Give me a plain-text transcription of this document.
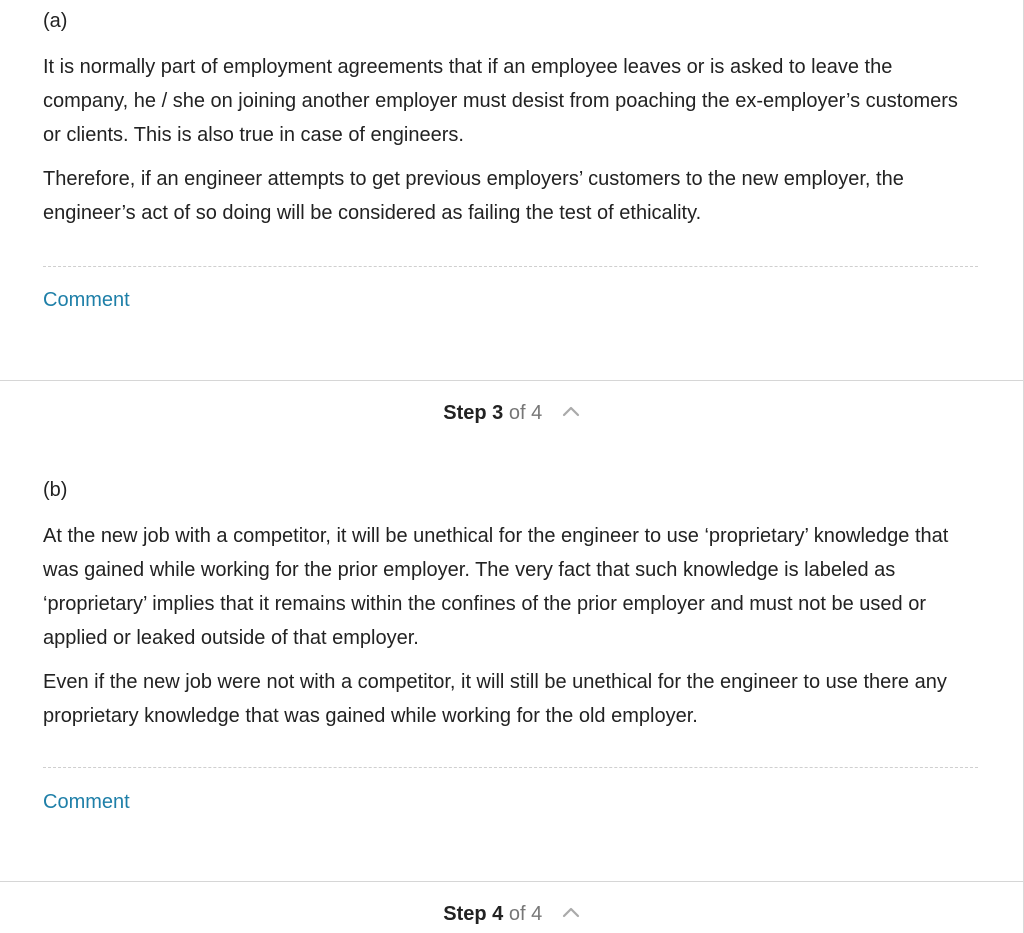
(a)

It is normally part of employment agreements that if an employee leaves or is asked to leave the company, he / she on joining another employer must desist from poaching the ex-employer’s customers or clients. This is also true in case of engineers.

Therefore, if an engineer attempts to get previous employers’ customers to the new employer, the engineer’s act of so doing will be considered as failing the test of ethicality.

Comment
Step 3 of 4
(b)

At the new job with a competitor, it will be unethical for the engineer to use ‘proprietary’ knowledge that was gained while working for the prior employer. The very fact that such knowledge is labeled as ‘proprietary’ implies that it remains within the confines of the prior employer and must not be used or applied or leaked outside of that employer.

Even if the new job were not with a competitor, it will still be unethical for the engineer to use there any proprietary knowledge that was gained while working for the old employer.

Comment
Step 4 of 4
